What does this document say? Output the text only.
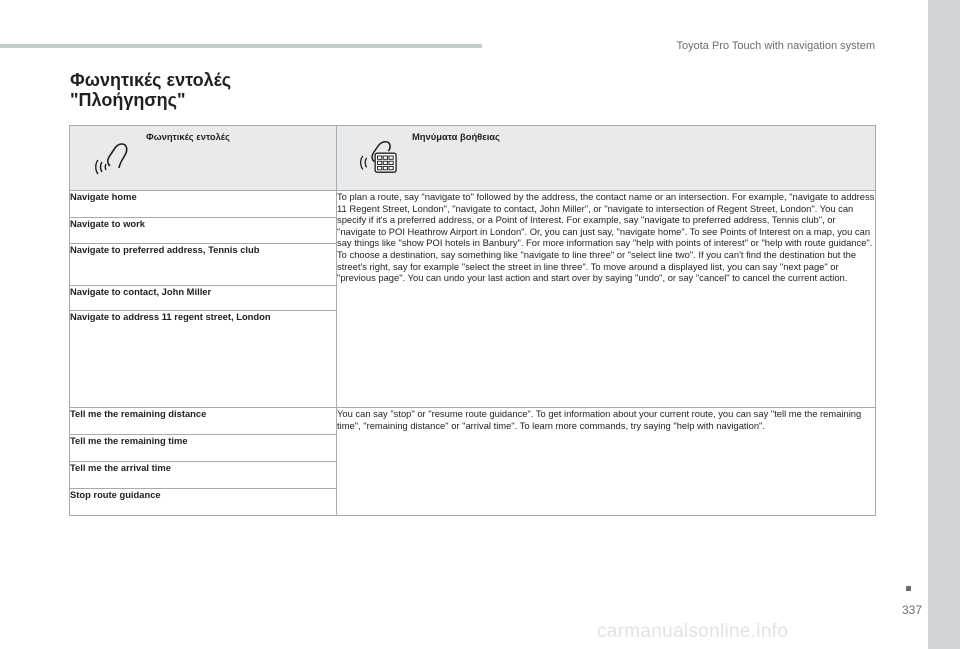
Toyota Pro Touch with navigation system
Φωνητικές εντολές
"Πλοήγησης"
Φωνητικές εντολές	Μηνύματα βοήθειας

Navigate home	To plan a route, say "navigate to" followed by the address, the contact name or an intersection. For example, "navigate to address 11 Regent Street, London", "navigate to contact, John Miller", or "navigate to intersection of Regent Street, London". You can specify if it's a preferred address, or a Point of Interest. For example, say "navigate to preferred address, Tennis club", or "navigate to POI Heathrow Airport in London". Or, you can just say, "navigate home". To see Points of Interest on a map, you can say things like "show POI hotels in Banbury". For more information say "help with points of interest" or "help with route guidance".
To choose a destination, say something like "navigate to line three" or "select line two". If you can't find the destination but the street's right, say for example "select the street in line three". To move around a displayed list, you can say "next page" or "previous page". You can undo your last action and start over by saying "undo", or say "cancel" to cancel the current action.

Navigate to work	
Navigate to preferred address, Tennis club	
Navigate to contact, John Miller	
Navigate to address 11 regent street, London	
Tell me the remaining distance	You can say "stop" or "resume route guidance". To get information about your current route, you can say "tell me the remaining time", "remaining distance" or "arrival time". To learn more commands, try saying "help with navigation".
Tell me the remaining time	
Tell me the arrival time	
Stop route guidance	
337
carmanualsonline.info
